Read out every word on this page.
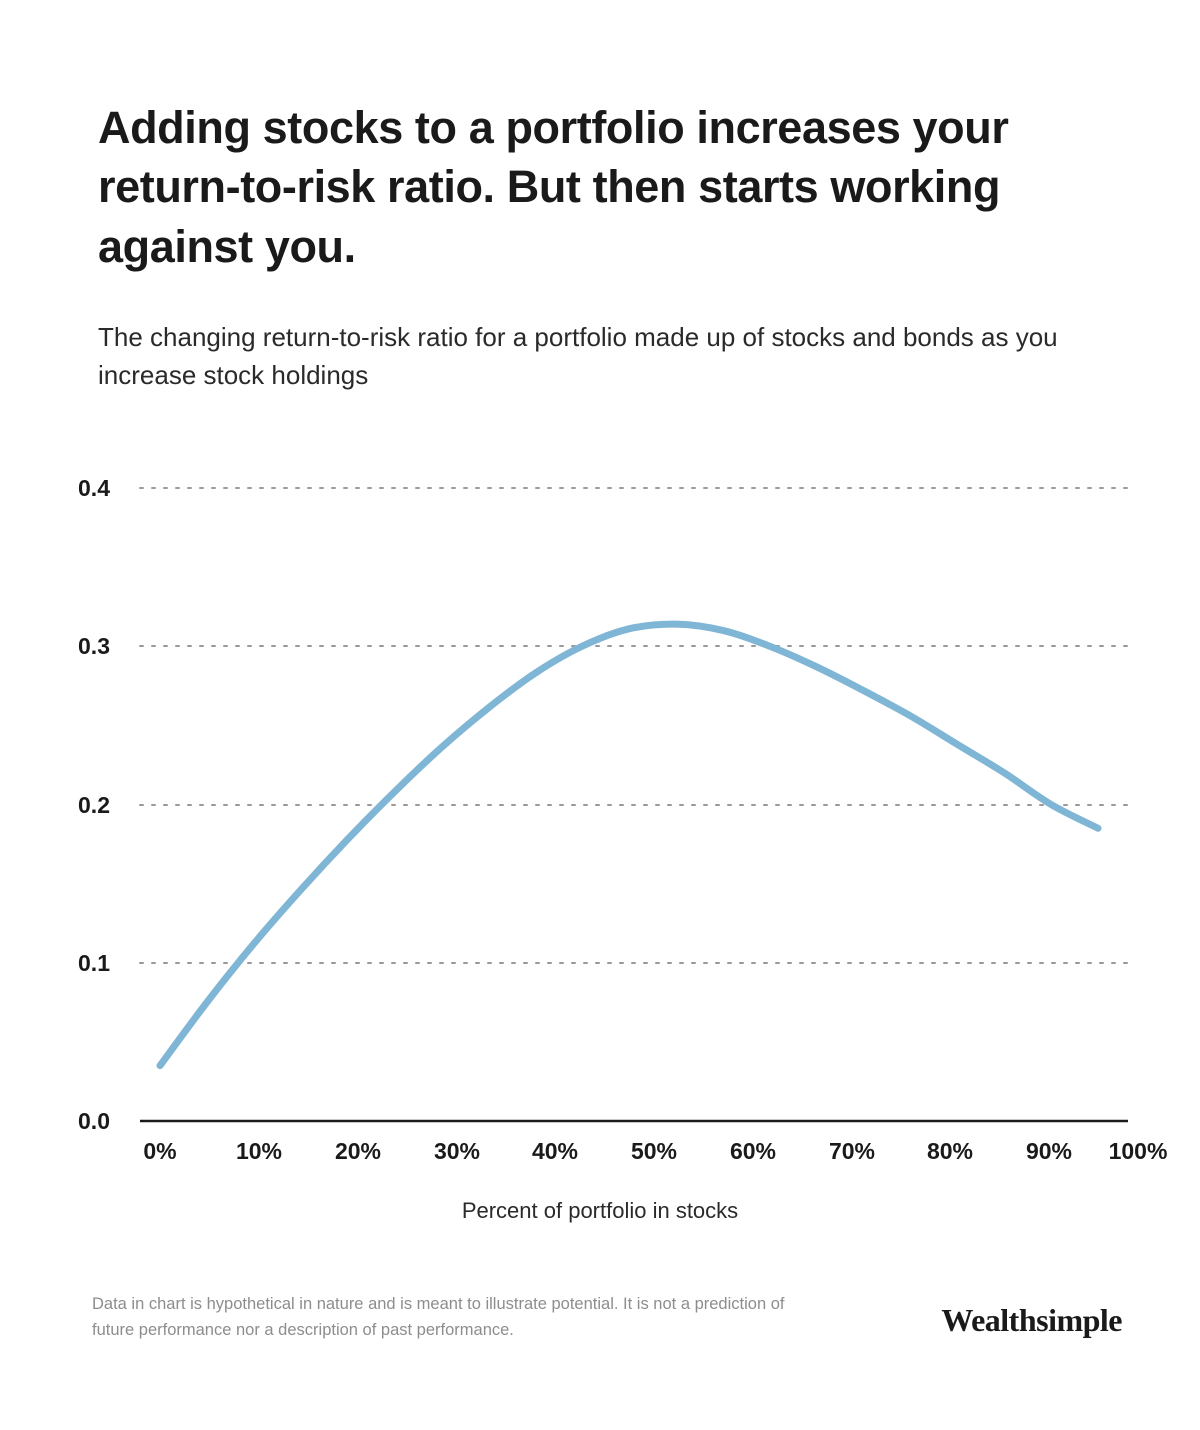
Adding stocks to a portfolio increases your return-to-risk ratio. But then starts working against you.
The changing return-to-risk ratio for a portfolio made up of stocks and bonds as you increase stock holdings
0.4
0.3
0.2
0.1
0.0
0%	10%	20%	30%	40%	50%	60%	70%	80%	90%	100%
Percent of portfolio in stocks
Data in chart is hypothetical in nature and is meant to illustrate potential. It is not a prediction of future performance nor a description of past performance.	Wealthsimple
